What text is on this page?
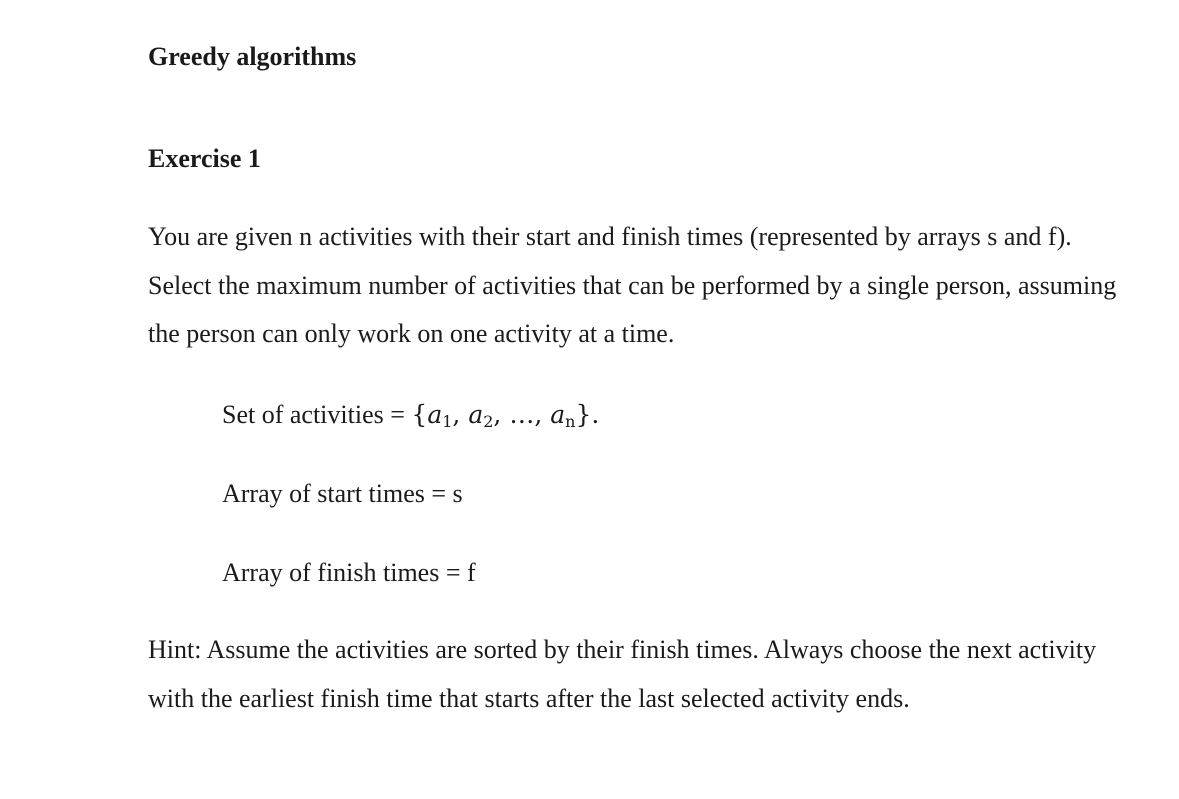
Greedy algorithms
Exercise 1

You are given n activities with their start and finish times (represented by arrays s and f). Select the maximum number of activities that can be performed by a single person, assuming the person can only work on one activity at a time.

Set of activities = {$a_1$, $a_2$, …, $a_n$}.

Array of start times = s

Array of finish times = f

Hint: Assume the activities are sorted by their finish times. Always choose the next activity with the earliest finish time that starts after the last selected activity ends.
